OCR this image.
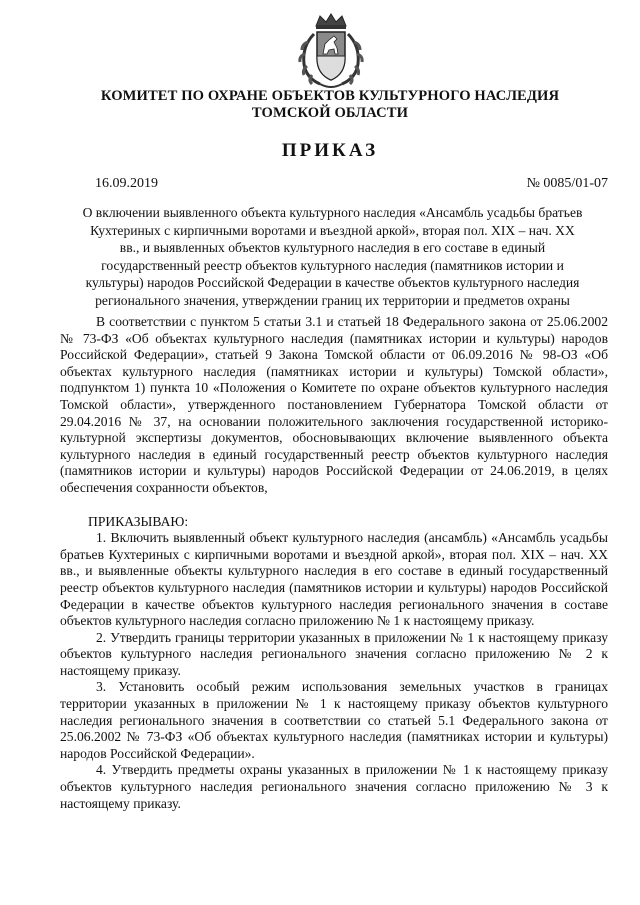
КОМИТЕТ ПО ОХРАНЕ ОБЪЕКТОВ КУЛЬТУРНОГО НАСЛЕДИЯ
ТОМСКОЙ ОБЛАСТИ
ПРИКАЗ
16.09.2019	№ 0085/01-07
О включении выявленного объекта культурного наследия «Ансамбль усадьбы братьев Кухтериных с кирпичными воротами и въездной аркой», вторая пол. XIX – нач. XX вв., и выявленных объектов культурного наследия в его составе в единый государственный реестр объектов культурного наследия (памятников истории и культуры) народов Российской Федерации в качестве объектов культурного наследия регионального значения, утверждении границ их территории и предметов охраны

В соответствии с пунктом 5 статьи 3.1 и статьей 18 Федерального закона от 25.06.2002 № 73-ФЗ «Об объектах культурного наследия (памятниках истории и культуры) народов Российской Федерации», статьей 9 Закона Томской области от 06.09.2016 № 98-ОЗ «Об объектах культурного наследия (памятниках истории и культуры) Томской области», подпунктом 1) пункта 10 «Положения о Комитете по охране объектов культурного наследия Томской области», утвержденного постановлением Губернатора Томской области от 29.04.2016 № 37, на основании положительного заключения государственной историко-культурной экспертизы документов, обосновывающих включение выявленного объекта культурного наследия в единый государственный реестр объектов культурного наследия (памятников истории и культуры) народов Российской Федерации от 24.06.2019, в целях обеспечения сохранности объектов,

ПРИКАЗЫВАЮ:

1. Включить выявленный объект культурного наследия (ансамбль) «Ансамбль усадьбы братьев Кухтериных с кирпичными воротами и въездной аркой», вторая пол. XIX – нач. XX вв., и выявленные объекты культурного наследия в его составе в единый государственный реестр объектов культурного наследия (памятников истории и культуры) народов Российской Федерации в качестве объектов культурного наследия регионального значения в составе объектов культурного наследия согласно приложению № 1 к настоящему приказу.

2. Утвердить границы территории указанных в приложении № 1 к настоящему приказу объектов культурного наследия регионального значения согласно приложению № 2 к настоящему приказу.

3. Установить особый режим использования земельных участков в границах территории указанных в приложении № 1 к настоящему приказу объектов культурного наследия регионального значения в соответствии со статьей 5.1 Федерального закона от 25.06.2002 № 73-ФЗ «Об объектах культурного наследия (памятниках истории и культуры) народов Российской Федерации».

4. Утвердить предметы охраны указанных в приложении № 1 к настоящему приказу объектов культурного наследия регионального значения согласно приложению № 3 к настоящему приказу.
